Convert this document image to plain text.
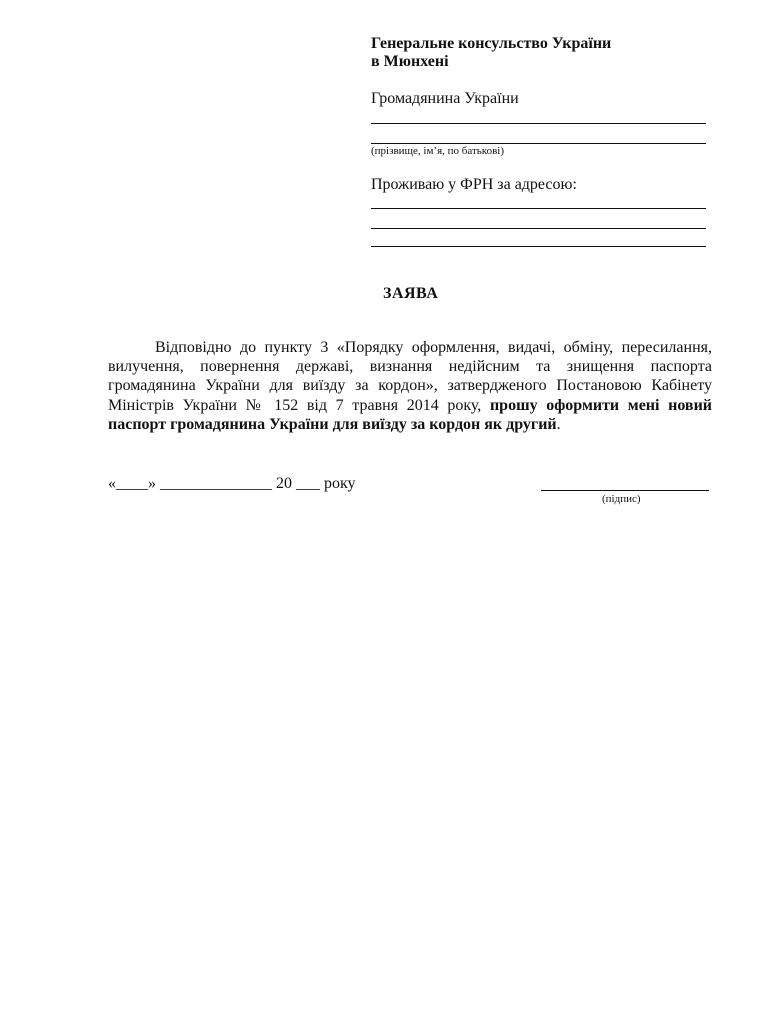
Генеральне консульство України
в Мюнхені
Громадянина України
(прізвище, ім’я, по батькові)
Проживаю у ФРН за адресою:
ЗАЯВА
Відповідно до пункту 3 «Порядку оформлення, видачі, обміну, пересилання, вилучення, повернення державі, визнання недійсним та знищення паспорта громадянина України для виїзду за кордон», затвердженого Постановою Кабінету Міністрів України № 152 від 7 травня 2014 року, прошу оформити мені новий паспорт громадянина України для виїзду за кордон як другий.
«____» ______________ 20 ___ року
(підпис)
